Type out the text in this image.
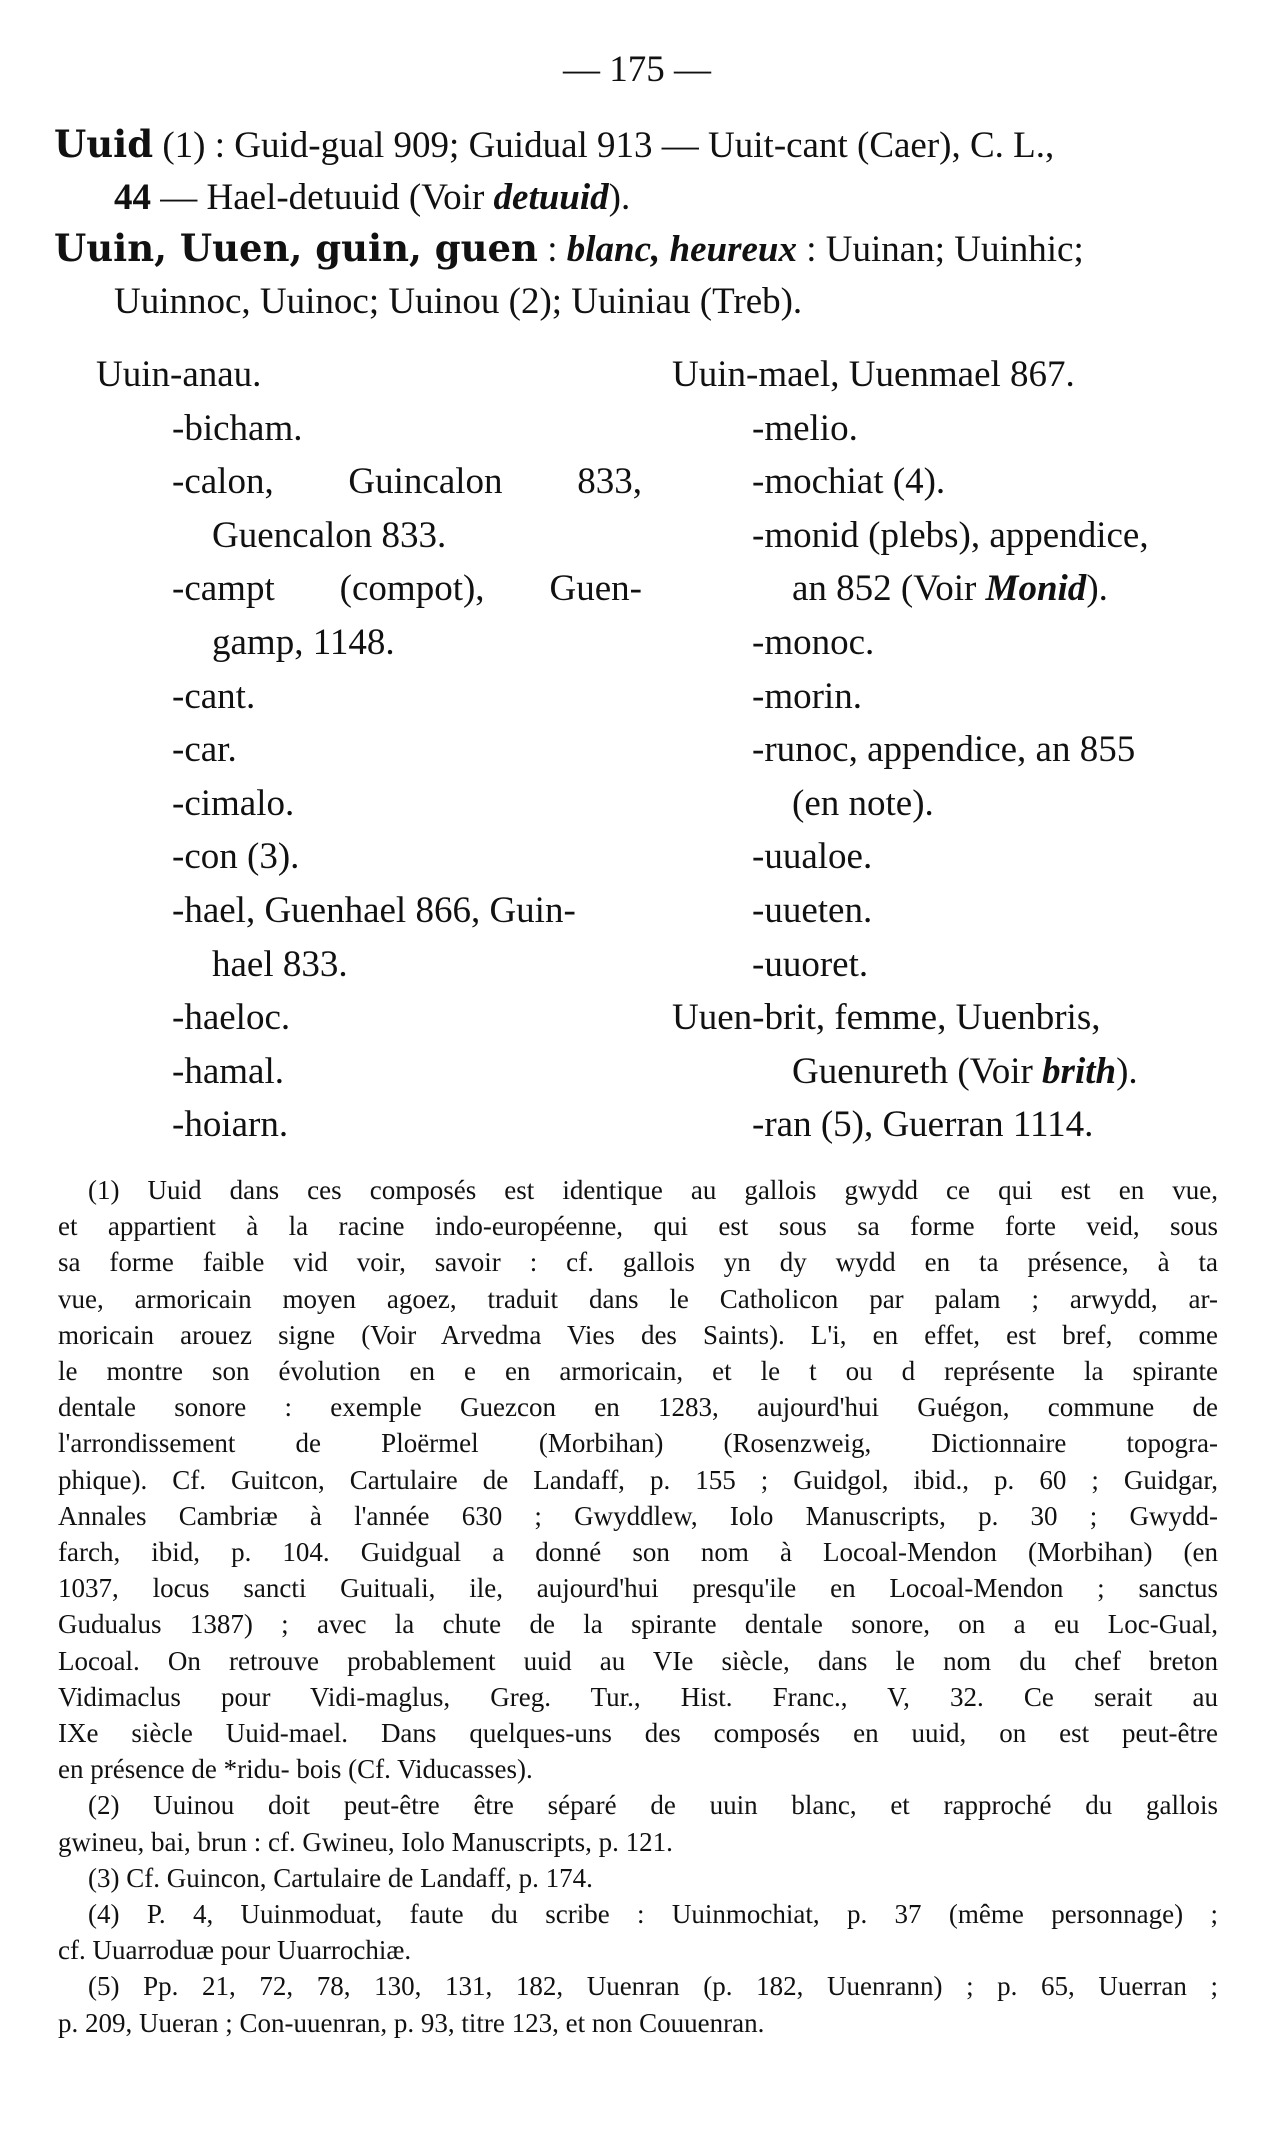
— 175 —
Uuid (1) : Guid-gual 909; Guidual 913 — Uuit-cant (Caer), C. L.,
44 — Hael-detuuid (Voir detuuid).
Uuin, Uuen, guin, guen : blanc, heureux : Uuinan; Uuinhic;
Uuinnoc, Uuinoc; Uuinou (2); Uuiniau (Treb).
Uuin-anau.
-bicham.
-calon, Guincalon 833,
Guencalon 833.
-campt (compot), Guen-
gamp, 1148.
-cant.
-car.
-cimalo.
-con (3).
-hael, Guenhael 866, Guin-
hael 833.
-haeloc.
-hamal.
-hoiarn.
Uuin-mael, Uuenmael 867.
-melio.
-mochiat (4).
-monid (plebs), appendice,
an 852 (Voir Monid).
-monoc.
-morin.
-runoc, appendice, an 855
(en note).
-uualoe.
-uueten.
-uuoret.
Uuen-brit, femme, Uuenbris,
Guenureth (Voir brith).
-ran (5), Guerran 1114.
(1) Uuid dans ces composés est identique au gallois gwydd ce qui est en vue,
et appartient à la racine indo-européenne, qui est sous sa forme forte veid, sous
sa forme faible vid voir, savoir : cf. gallois yn dy wydd en ta présence, à ta
vue, armoricain moyen agoez, traduit dans le Catholicon par palam ; arwydd, ar-
moricain arouez signe (Voir Arvedma Vies des Saints). L'i, en effet, est bref, comme
le montre son évolution en e en armoricain, et le t ou d représente la spirante
dentale sonore : exemple Guezcon en 1283, aujourd'hui Guégon, commune de
l'arrondissement de Ploërmel (Morbihan) (Rosenzweig, Dictionnaire topogra-
phique). Cf. Guitcon, Cartulaire de Landaff, p. 155 ; Guidgol, ibid., p. 60 ; Guidgar,
Annales Cambriæ à l'année 630 ; Gwyddlew, Iolo Manuscripts, p. 30 ; Gwydd-
farch, ibid, p. 104. Guidgual a donné son nom à Locoal-Mendon (Morbihan) (en
1037, locus sancti Guituali, ile, aujourd'hui presqu'ile en Locoal-Mendon ; sanctus
Gudualus 1387) ; avec la chute de la spirante dentale sonore, on a eu Loc-Gual,
Locoal. On retrouve probablement uuid au VIe siècle, dans le nom du chef breton
Vidimaclus pour Vidi-maglus, Greg. Tur., Hist. Franc., V, 32. Ce serait au
IXe siècle Uuid-mael. Dans quelques-uns des composés en uuid, on est peut-être
en présence de *ridu- bois (Cf. Viducasses).
(2) Uuinou doit peut-être être séparé de uuin blanc, et rapproché du gallois
gwineu, bai, brun : cf. Gwineu, Iolo Manuscripts, p. 121.
(3) Cf. Guincon, Cartulaire de Landaff, p. 174.
(4) P. 4, Uuinmoduat, faute du scribe : Uuinmochiat, p. 37 (même personnage) ;
cf. Uuarroduæ pour Uuarrochiæ.
(5) Pp. 21, 72, 78, 130, 131, 182, Uuenran (p. 182, Uuenrann) ; p. 65, Uuerran ;
p. 209, Uueran ; Con-uuenran, p. 93, titre 123, et non Couuenran.
